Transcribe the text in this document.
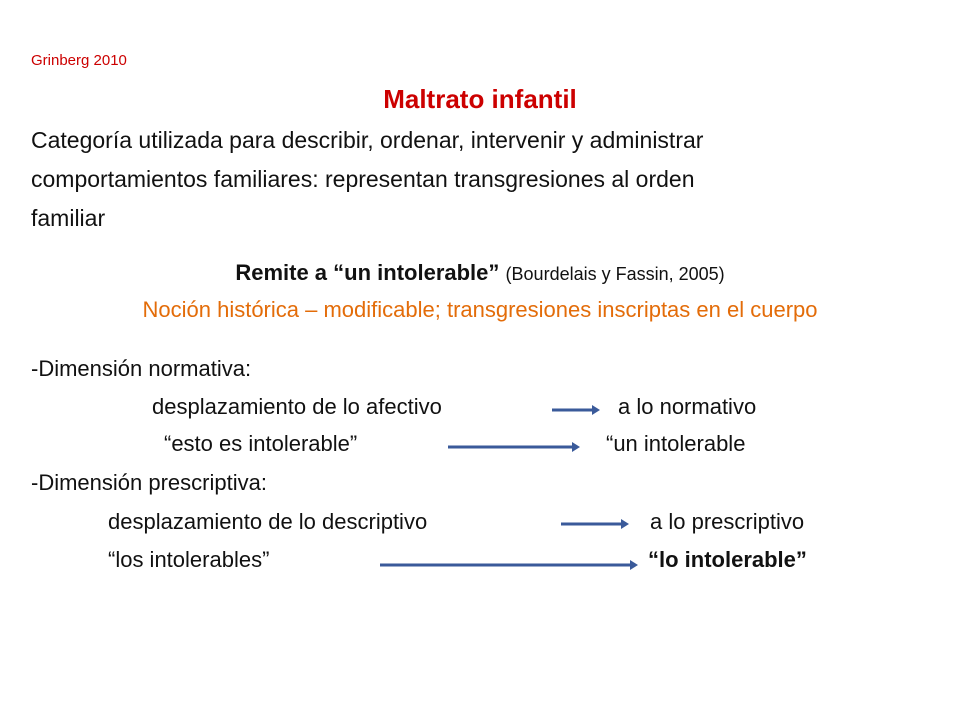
Grinberg 2010
Maltrato infantil
Categoría utilizada para describir, ordenar, intervenir y administrar
comportamientos familiares: representan transgresiones al orden
familiar
Remite a “un intolerable” (Bourdelais y Fassin, 2005)
Noción histórica – modificable; transgresiones inscriptas en el cuerpo
-Dimensión normativa:
desplazamiento de lo afectivo	a lo normativo
“esto es intolerable”	“un intolerable
-Dimensión prescriptiva:
desplazamiento de lo descriptivo	a lo prescriptivo
“los intolerables”	“lo intolerable”
